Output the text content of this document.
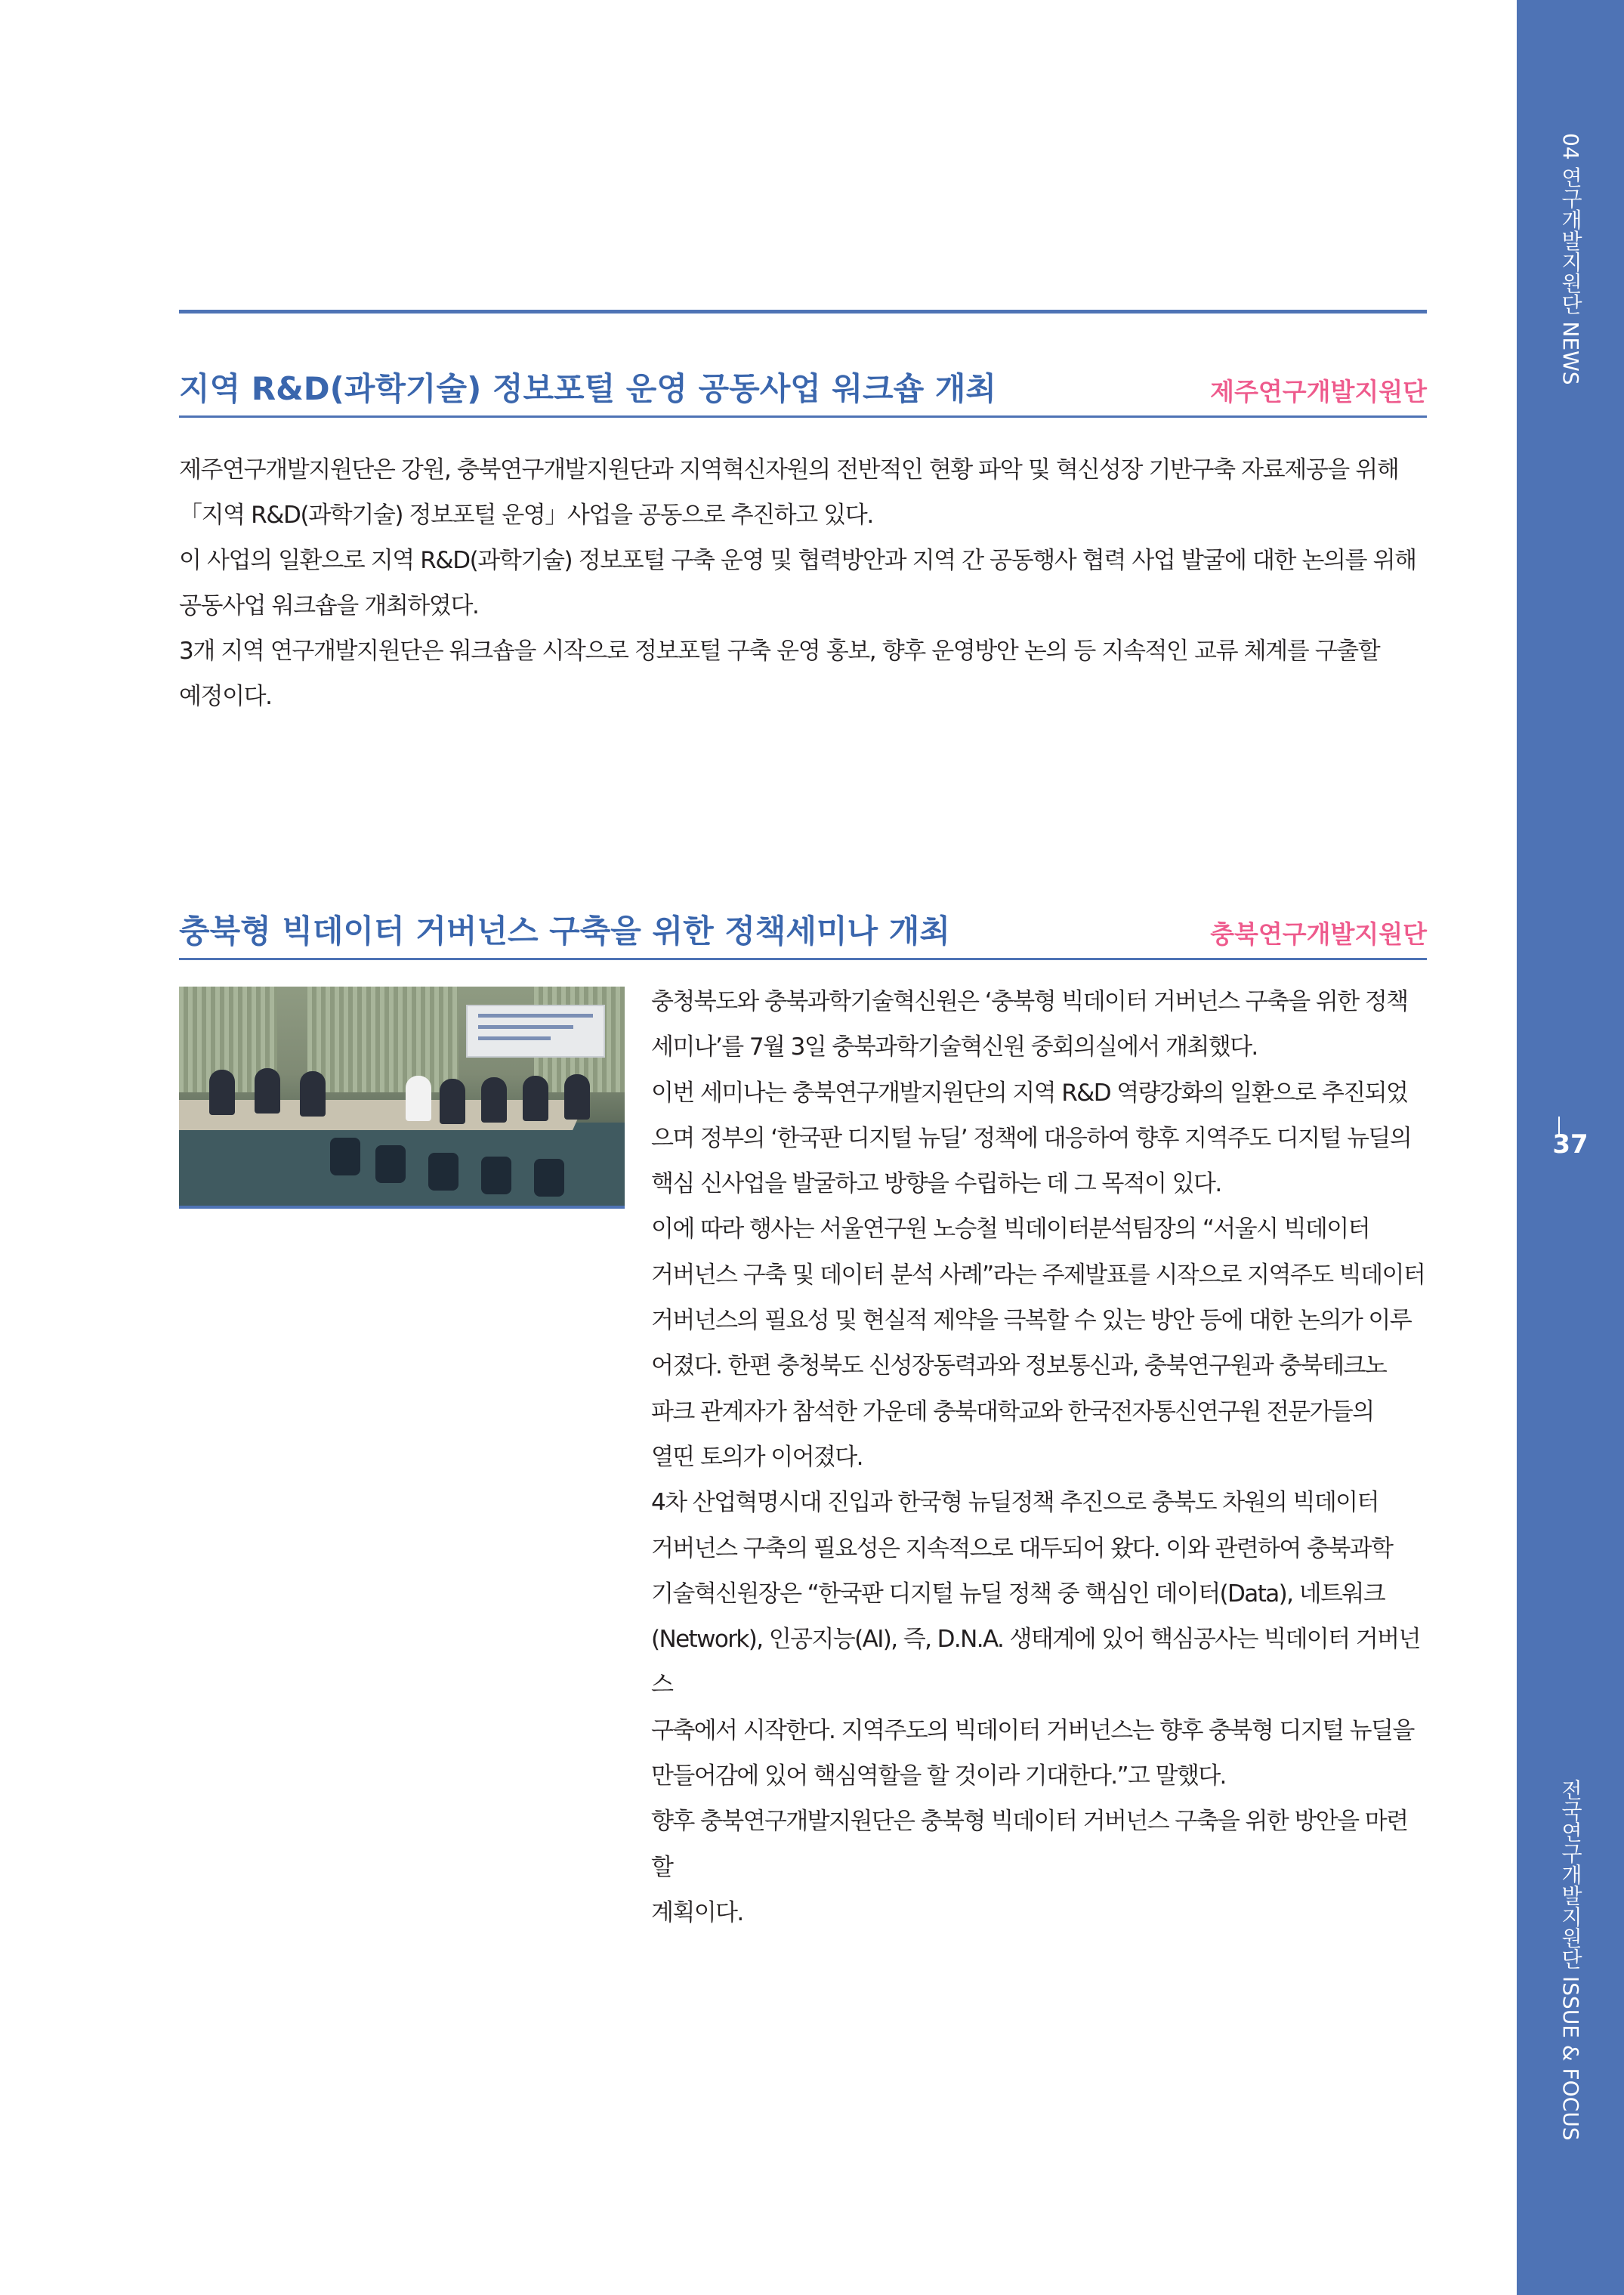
04 연구개발지원단 NEWS
37
전국연구개발지원단 ISSUE & FOCUS
지역 R&D(과학기술) 정보포털 운영 공동사업 워크숍 개최	제주연구개발지원단

제주연구개발지원단은 강원, 충북연구개발지원단과 지역혁신자원의 전반적인 현황 파악 및 혁신성장 기반구축 자료제공을 위해

「지역 R&D(과학기술) 정보포털 운영」사업을 공동으로 추진하고 있다.

이 사업의 일환으로 지역 R&D(과학기술) 정보포털 구축 운영 및 협력방안과 지역 간 공동행사 협력 사업 발굴에 대한 논의를 위해

공동사업 워크숍을 개최하였다.

3개 지역 연구개발지원단은 워크숍을 시작으로 정보포털 구축 운영 홍보, 향후 운영방안 논의 등 지속적인 교류 체계를 구출할

예정이다.

충북형 빅데이터 거버넌스 구축을 위한 정책세미나 개최	충북연구개발지원단

충청북도와 충북과학기술혁신원은 ‘충북형 빅데이터 거버넌스 구축을 위한 정책

세미나’를 7월 3일 충북과학기술혁신원 중회의실에서 개최했다.

이번 세미나는 충북연구개발지원단의 지역 R&D 역량강화의 일환으로 추진되었

으며 정부의 ‘한국판 디지털 뉴딜’ 정책에 대응하여 향후 지역주도 디지털 뉴딜의

핵심 신사업을 발굴하고 방향을 수립하는 데 그 목적이 있다.

이에 따라 행사는 서울연구원 노승철 빅데이터분석팀장의 “서울시 빅데이터

거버넌스 구축 및 데이터 분석 사례”라는 주제발표를 시작으로 지역주도 빅데이터

거버넌스의 필요성 및 현실적 제약을 극복할 수 있는 방안 등에 대한 논의가 이루

어졌다. 한편 충청북도 신성장동력과와 정보통신과, 충북연구원과 충북테크노

파크 관계자가 참석한 가운데 충북대학교와 한국전자통신연구원 전문가들의

열띤 토의가 이어졌다.

4차 산업혁명시대 진입과 한국형 뉴딜정책 추진으로 충북도 차원의 빅데이터

거버넌스 구축의 필요성은 지속적으로 대두되어 왔다. 이와 관련하여 충북과학

기술혁신원장은 “한국판 디지털 뉴딜 정책 중 핵심인 데이터(Data), 네트워크

(Network), 인공지능(AI), 즉, D.N.A. 생태계에 있어 핵심공사는 빅데이터 거버넌스

구축에서 시작한다. 지역주도의 빅데이터 거버넌스는 향후 충북형 디지털 뉴딜을

만들어감에 있어 핵심역할을 할 것이라 기대한다.”고 말했다.

향후 충북연구개발지원단은 충북형 빅데이터 거버넌스 구축을 위한 방안을 마련할

계획이다.
